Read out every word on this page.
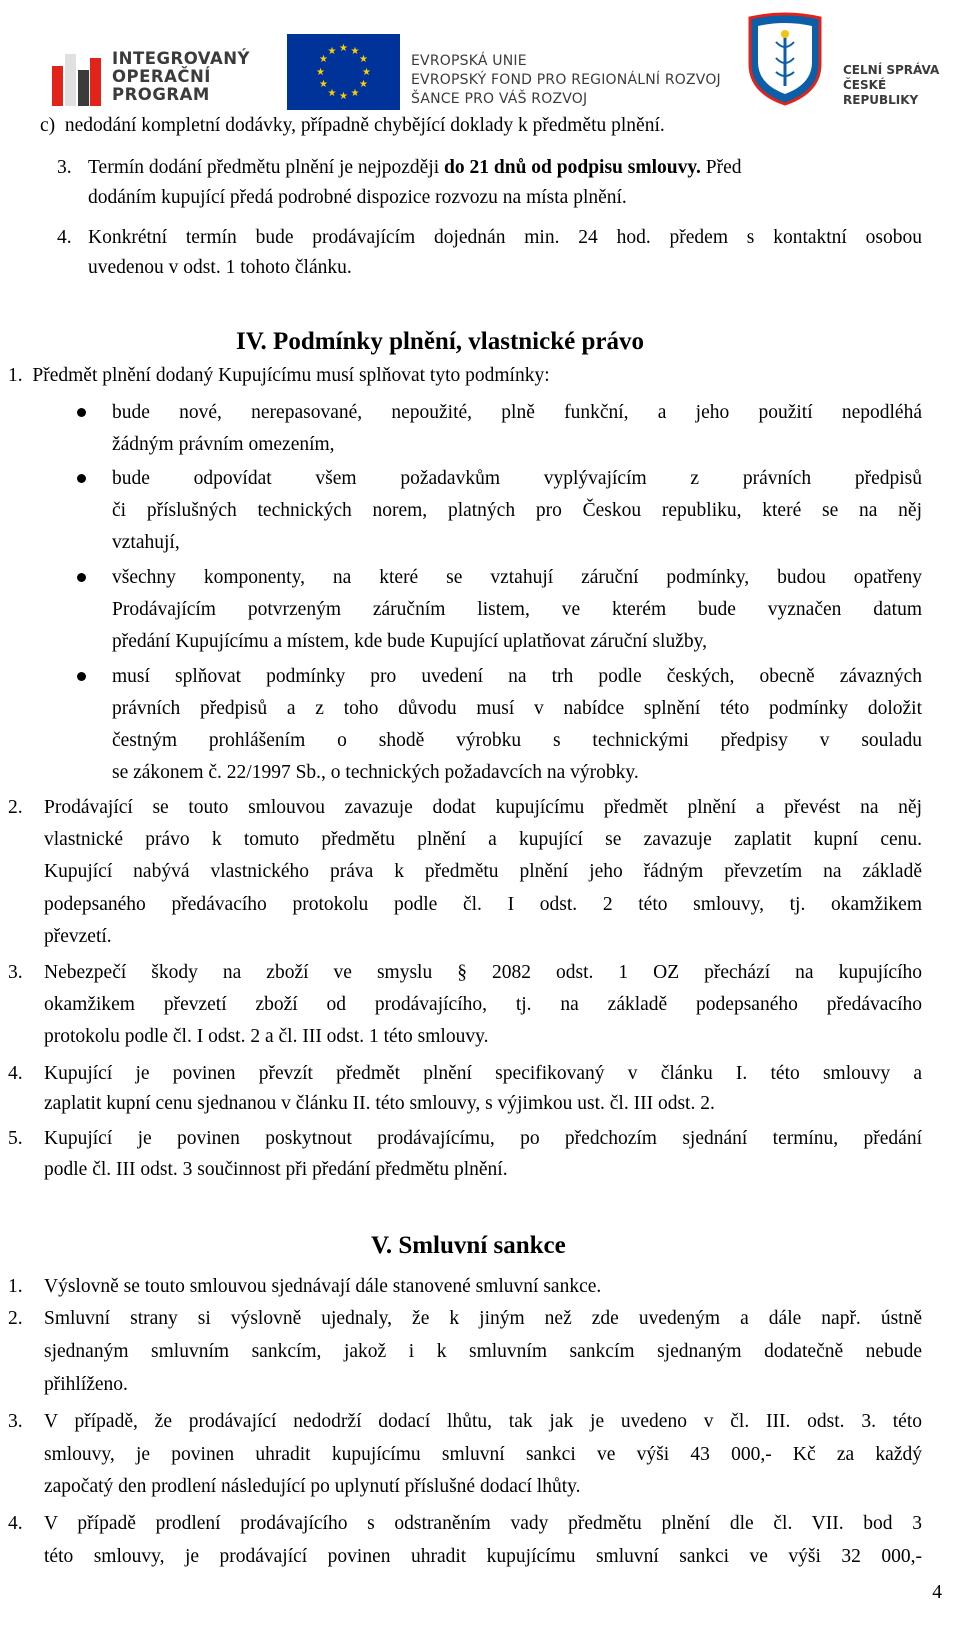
INTEGROVANÝ
OPERAČNÍ
PROGRAM
★ ★
★
★
★
★
★
★
★
★
★
★
EVROPSKÁ UNIE
EVROPSKÝ FOND PRO REGIONÁLNÍ ROZVOJ
ŠANCE PRO VÁŠ ROZVOJ
CELNÍ SPRÁVA
ČESKÉ REPUBLIKY
c) nedodání kompletní dodávky, případně chybějící doklady k předmětu plnění.
3. Termín dodání předmětu plnění je nejpozději do 21 dnů od podpisu smlouvy. Před
dodáním kupující předá podrobné dispozice rozvozu na místa plnění.
4. Konkrétní termín bude prodávajícím dojednán min. 24 hod. předem s kontaktní osobou
uvedenou v odst. 1 tohoto článku.
IV. Podmínky plnění, vlastnické právo
1. Předmět plnění dodaný Kupujícímu musí splňovat tyto podmínky:
bude nové, nerepasované, nepoužité, plně funkční, a jeho použití nepodléhá
žádným právním omezením,
bude odpovídat všem požadavkům vyplývajícím z právních předpisů
či příslušných technických norem, platných pro Českou republiku, které se na něj
vztahují,
všechny komponenty, na které se vztahují záruční podmínky, budou opatřeny
Prodávajícím potvrzeným záručním listem, ve kterém bude vyznačen datum
předání Kupujícímu a místem, kde bude Kupující uplatňovat záruční služby,
musí splňovat podmínky pro uvedení na trh podle českých, obecně závazných
právních předpisů a z toho důvodu musí v nabídce splnění této podmínky doložit
čestným prohlášením o shodě výrobku s technickými předpisy v souladu
se zákonem č. 22/1997 Sb., o technických požadavcích na výrobky.
2. Prodávající se touto smlouvou zavazuje dodat kupujícímu předmět plnění a převést na něj
vlastnické právo k tomuto předmětu plnění a kupující se zavazuje zaplatit kupní cenu.
Kupující nabývá vlastnického práva k předmětu plnění jeho řádným převzetím na základě
podepsaného předávacího protokolu podle čl. I odst. 2 této smlouvy, tj. okamžikem
převzetí.
3. Nebezpečí škody na zboží ve smyslu § 2082 odst. 1 OZ přechází na kupujícího
okamžikem převzetí zboží od prodávajícího, tj. na základě podepsaného předávacího
protokolu podle čl. I odst. 2 a čl. III odst. 1 této smlouvy.
4. Kupující je povinen převzít předmět plnění specifikovaný v článku I. této smlouvy a
zaplatit kupní cenu sjednanou v článku II. této smlouvy, s výjimkou ust. čl. III odst. 2.
5. Kupující je povinen poskytnout prodávajícímu, po předchozím sjednání termínu, předání
podle čl. III odst. 3 součinnost při předání předmětu plnění.
V. Smluvní sankce
1. Výslovně se touto smlouvou sjednávají dále stanovené smluvní sankce.
2. Smluvní strany si výslovně ujednaly, že k jiným než zde uvedeným a dále např. ústně
sjednaným smluvním sankcím, jakož i k smluvním sankcím sjednaným dodatečně nebude
přihlíženo.
3. V případě, že prodávající nedodrží dodací lhůtu, tak jak je uvedeno v čl. III. odst. 3. této
smlouvy, je povinen uhradit kupujícímu smluvní sankci ve výši 43 000,- Kč za každý
započatý den prodlení následující po uplynutí příslušné dodací lhůty.
4. V případě prodlení prodávajícího s odstraněním vady předmětu plnění dle čl. VII. bod 3
této smlouvy, je prodávající povinen uhradit kupujícímu smluvní sankci ve výši 32 000,-
4
